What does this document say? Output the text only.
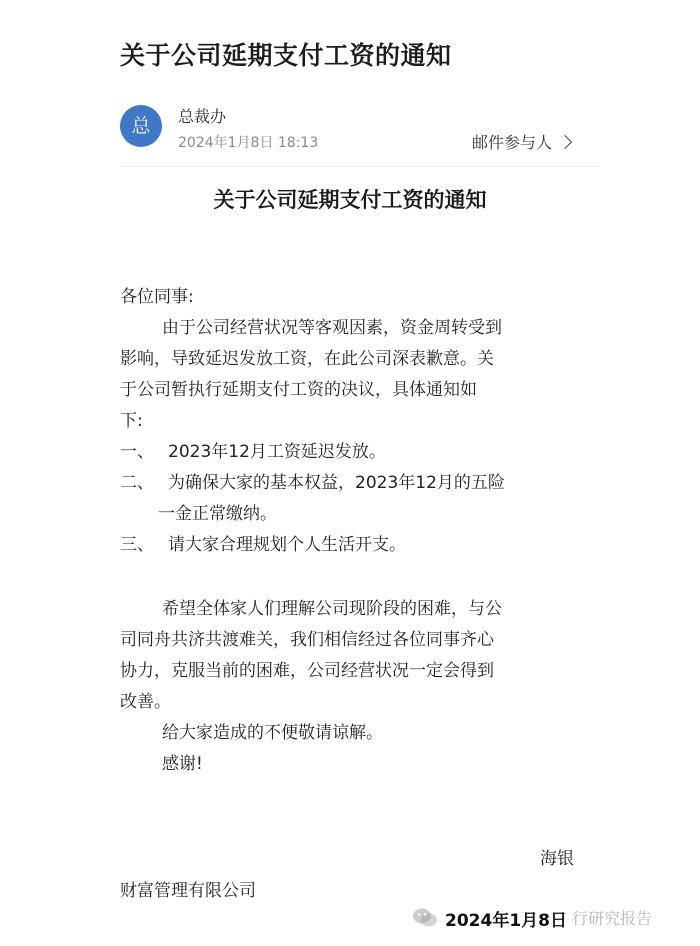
关于公司延期支付工资的通知
总	总裁办
2024年1月8日 18:13	邮件参与人
关于公司延期支付工资的通知
各位同事:
由于公司经营状况等客观因素，资金周转受到
影响，导致延迟发放工资，在此公司深表歉意。关
于公司暂执行延期支付工资的决议，具体通知如
下:
一、 2023年12月工资延迟发放。
二、 为确保大家的基本权益，2023年12月的五险
一金正常缴纳。
三、 请大家合理规划个人生活开支。
希望全体家人们理解公司现阶段的困难，与公
司同舟共济共渡难关，我们相信经过各位同事齐心
协力，克服当前的困难，公司经营状况一定会得到
改善。
给大家造成的不便敬请谅解。
感谢!
海银
财富管理有限公司
行研究报告
2024年1月8日
